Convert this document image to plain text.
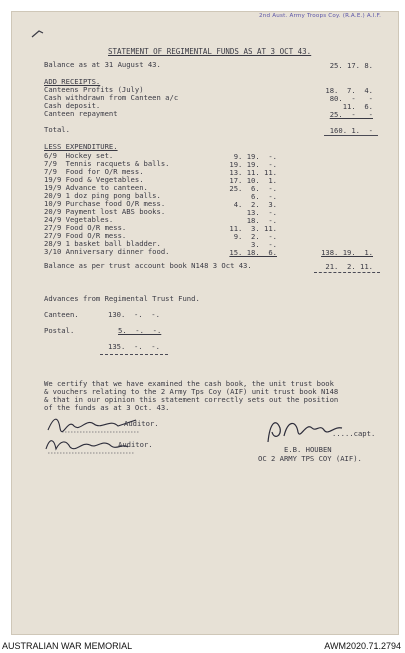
2nd Aust. Army Troops Coy. (R.A.E.) A.I.F.
STATEMENT OF REGIMENTAL FUNDS AS AT 3 OCT 43.
Balance as at 31 August 43.	25. 17. 8.
ADD RECEIPTS.
Canteens Profits (July)	18.  7.  4.
Cash withdrawn from Canteen a/c	80.  -   -
Cash deposit.	11.  6.
Canteen repayment	25.  -   -
Total.	160. 1.  -
LESS EXPENDITURE.
6/9  Hockey set.	9. 19.  -.
7/9  Tennis racquets & balls.	19. 19.  -.
7/9  Food for O/R mess.	13. 11. 11.
19/9 Food & Vegetables.	17. 10.  1.
19/9 Advance to canteen.	25.  6.  -.
20/9 1 doz ping pong balls.	6.  -.
10/9 Purchase food O/R mess.	4.  2.  3.
20/9 Payment lost ABS books.	13.  -.
24/9 Vegetables.	18.  -.
27/9 Food O/R mess.	11.  3. 11.
27/9 Food O/R mess.	9.  2.  -.
28/9 1 basket ball bladder.	3.  -.
3/10 Anniversary dinner food.	15. 18.  6.	138. 19.  1.
Balance as per trust account book N148 3 Oct 43.	21.  2. 11.
Advances from Regimental Trust Fund.
Canteen.	130.  -.  -.
Postal.	5.  -.  -.
135.  -.  -.
We certify that we have examined the cash book, the unit trust book
& vouchers relating to the 2 Army Tps Coy (AIF) unit trust book N148
& that in our opinion this statement correctly sets out the position
of the funds as at 3 Oct. 43.
Auditor.
Auditor.
.....capt.
E.B. HOUBEN
OC 2 ARMY TPS COY (AIF).
AUSTRALIAN WAR MEMORIAL	AWM2020.71.2794
